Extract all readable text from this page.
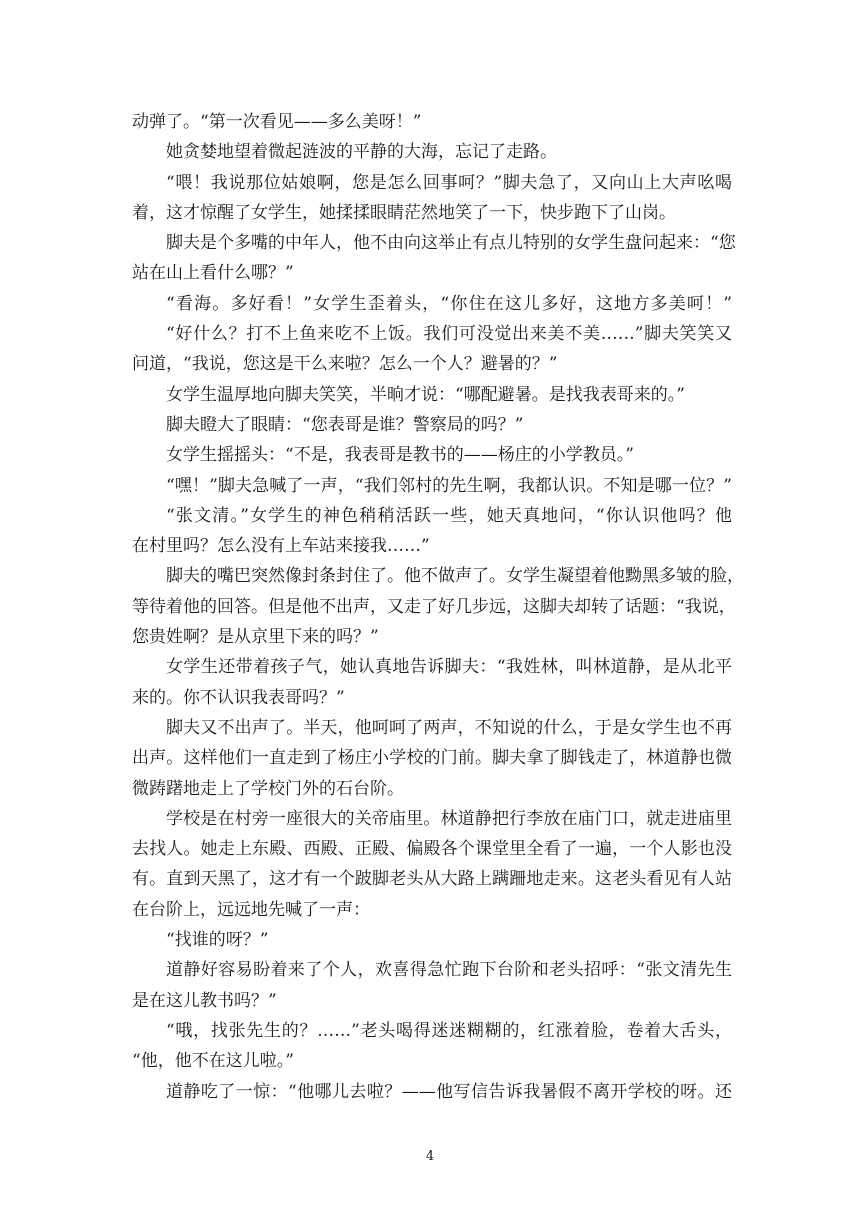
动弹了。“第一次看见——多么美呀！”
她贪婪地望着微起涟波的平静的大海，忘记了走路。
“喂！我说那位姑娘啊，您是怎么回事呵？”脚夫急了，又向山上大声吆喝
着，这才惊醒了女学生，她揉揉眼睛茫然地笑了一下，快步跑下了山岗。
脚夫是个多嘴的中年人，他不由向这举止有点儿特别的女学生盘问起来：“您
站在山上看什么哪？”
“看海。多好看！”女学生歪着头，“你住在这儿多好，这地方多美呵！”
“好什么？打不上鱼来吃不上饭。我们可没觉出来美不美……”脚夫笑笑又
问道，“我说，您这是干么来啦？怎么一个人？避暑的？”
女学生温厚地向脚夫笑笑，半晌才说：“哪配避暑。是找我表哥来的。”
脚夫瞪大了眼睛：“您表哥是谁？警察局的吗？”
女学生摇摇头：“不是，我表哥是教书的——杨庄的小学教员。”
“嘿！”脚夫急喊了一声，“我们邻村的先生啊，我都认识。不知是哪一位？”
“张文清。”女学生的神色稍稍活跃一些，她天真地问，“你认识他吗？他
在村里吗？怎么没有上车站来接我……”
脚夫的嘴巴突然像封条封住了。他不做声了。女学生凝望着他黝黑多皱的脸，
等待着他的回答。但是他不出声，又走了好几步远，这脚夫却转了话题：“我说，
您贵姓啊？是从京里下来的吗？”
女学生还带着孩子气，她认真地告诉脚夫：“我姓林，叫林道静，是从北平
来的。你不认识我表哥吗？”
脚夫又不出声了。半天，他呵呵了两声，不知说的什么，于是女学生也不再
出声。这样他们一直走到了杨庄小学校的门前。脚夫拿了脚钱走了，林道静也微
微踌躇地走上了学校门外的石台阶。
学校是在村旁一座很大的关帝庙里。林道静把行李放在庙门口，就走进庙里
去找人。她走上东殿、西殿、正殿、偏殿各个课堂里全看了一遍，一个人影也没
有。直到天黑了，这才有一个跛脚老头从大路上蹒跚地走来。这老头看见有人站
在台阶上，远远地先喊了一声：
“找谁的呀？”
道静好容易盼着来了个人，欢喜得急忙跑下台阶和老头招呼：“张文清先生
是在这儿教书吗？”
“哦，找张先生的？……”老头喝得迷迷糊糊的，红涨着脸，卷着大舌头，
“他，他不在这儿啦。”
道静吃了一惊：“他哪儿去啦？——他写信告诉我暑假不离开学校的呀。还
4
